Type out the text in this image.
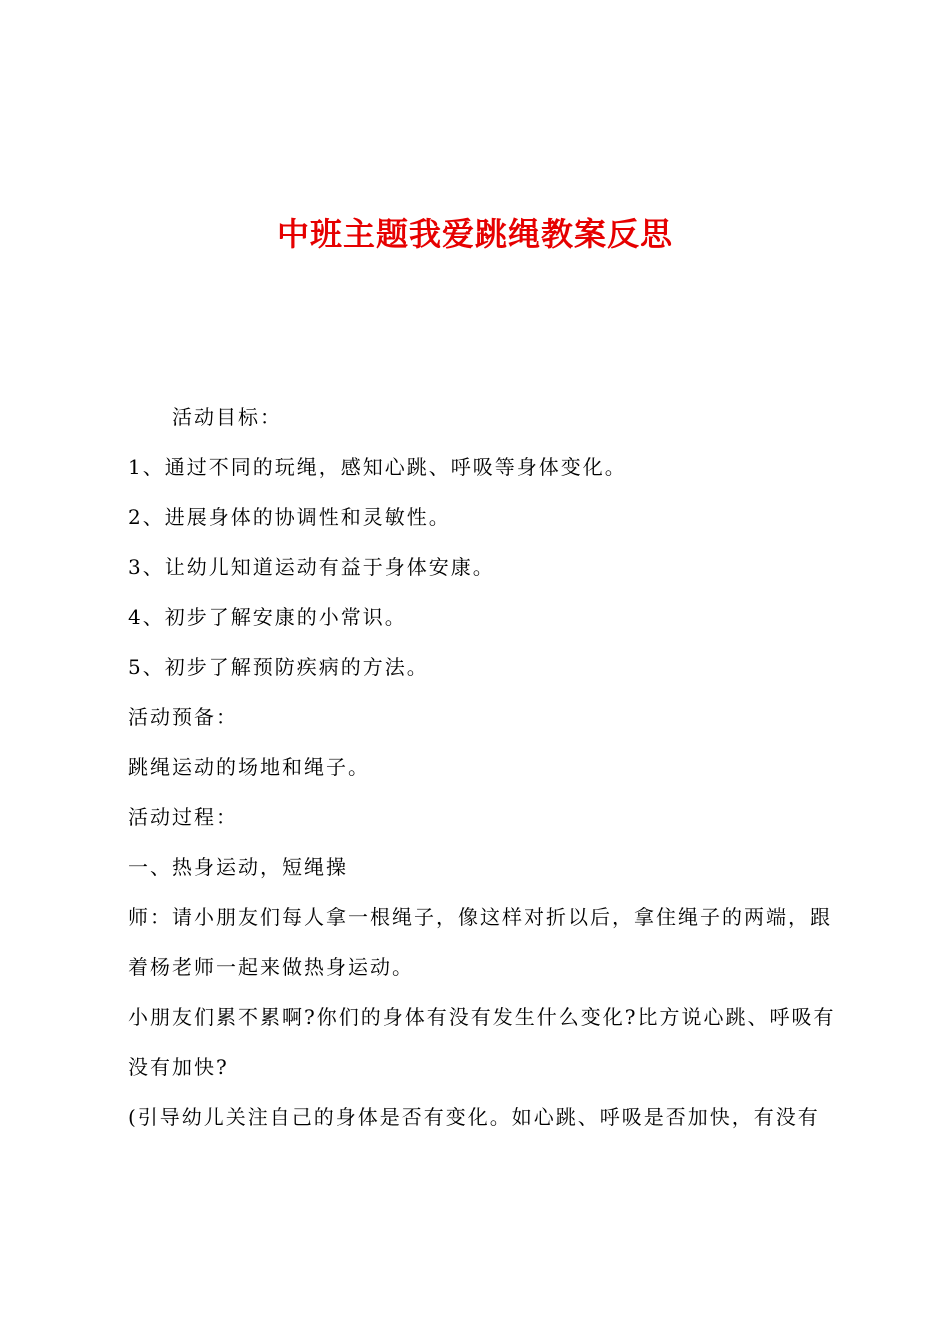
中班主题我爱跳绳教案反思

活动目标：

1、通过不同的玩绳，感知心跳、呼吸等身体变化。

2、进展身体的协调性和灵敏性。

3、让幼儿知道运动有益于身体安康。

4、初步了解安康的小常识。

5、初步了解预防疾病的方法。

活动预备：

跳绳运动的场地和绳子。

活动过程：

一、热身运动，短绳操

师：请小朋友们每人拿一根绳子，像这样对折以后，拿住绳子的两端，跟着杨老师一起来做热身运动。

小朋友们累不累啊?你们的身体有没有发生什么变化?比方说心跳、呼吸有没有加快?

(引导幼儿关注自己的身体是否有变化。如心跳、呼吸是否加快，有没有
